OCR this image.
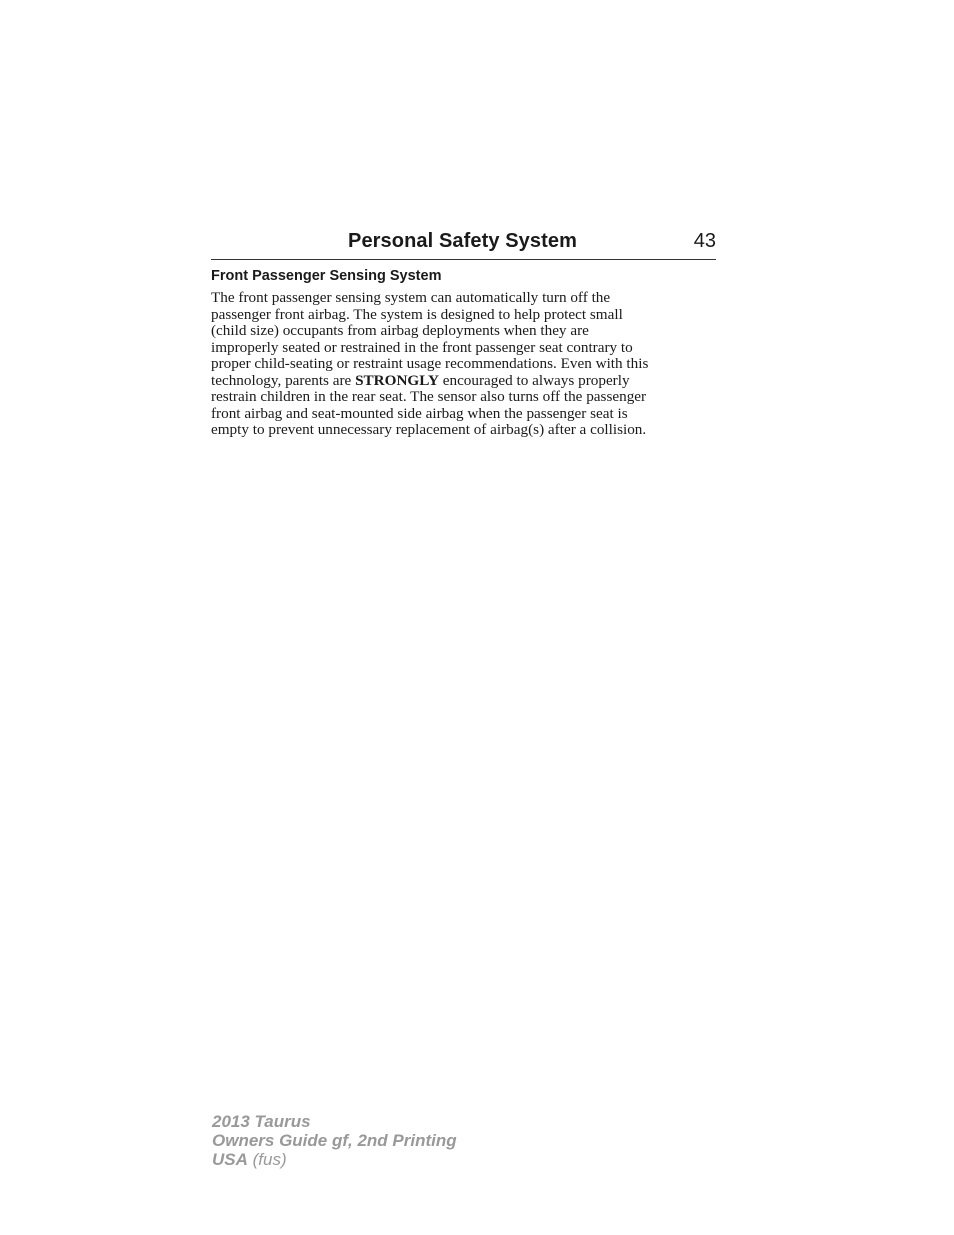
Personal Safety System	43
Front Passenger Sensing System
The front passenger sensing system can automatically turn off the
passenger front airbag. The system is designed to help protect small
(child size) occupants from airbag deployments when they are
improperly seated or restrained in the front passenger seat contrary to
proper child-seating or restraint usage recommendations. Even with this
technology, parents are STRONGLY encouraged to always properly
restrain children in the rear seat. The sensor also turns off the passenger
front airbag and seat-mounted side airbag when the passenger seat is
empty to prevent unnecessary replacement of airbag(s) after a collision.
2013 Taurus
Owners Guide gf, 2nd Printing
USA (fus)
